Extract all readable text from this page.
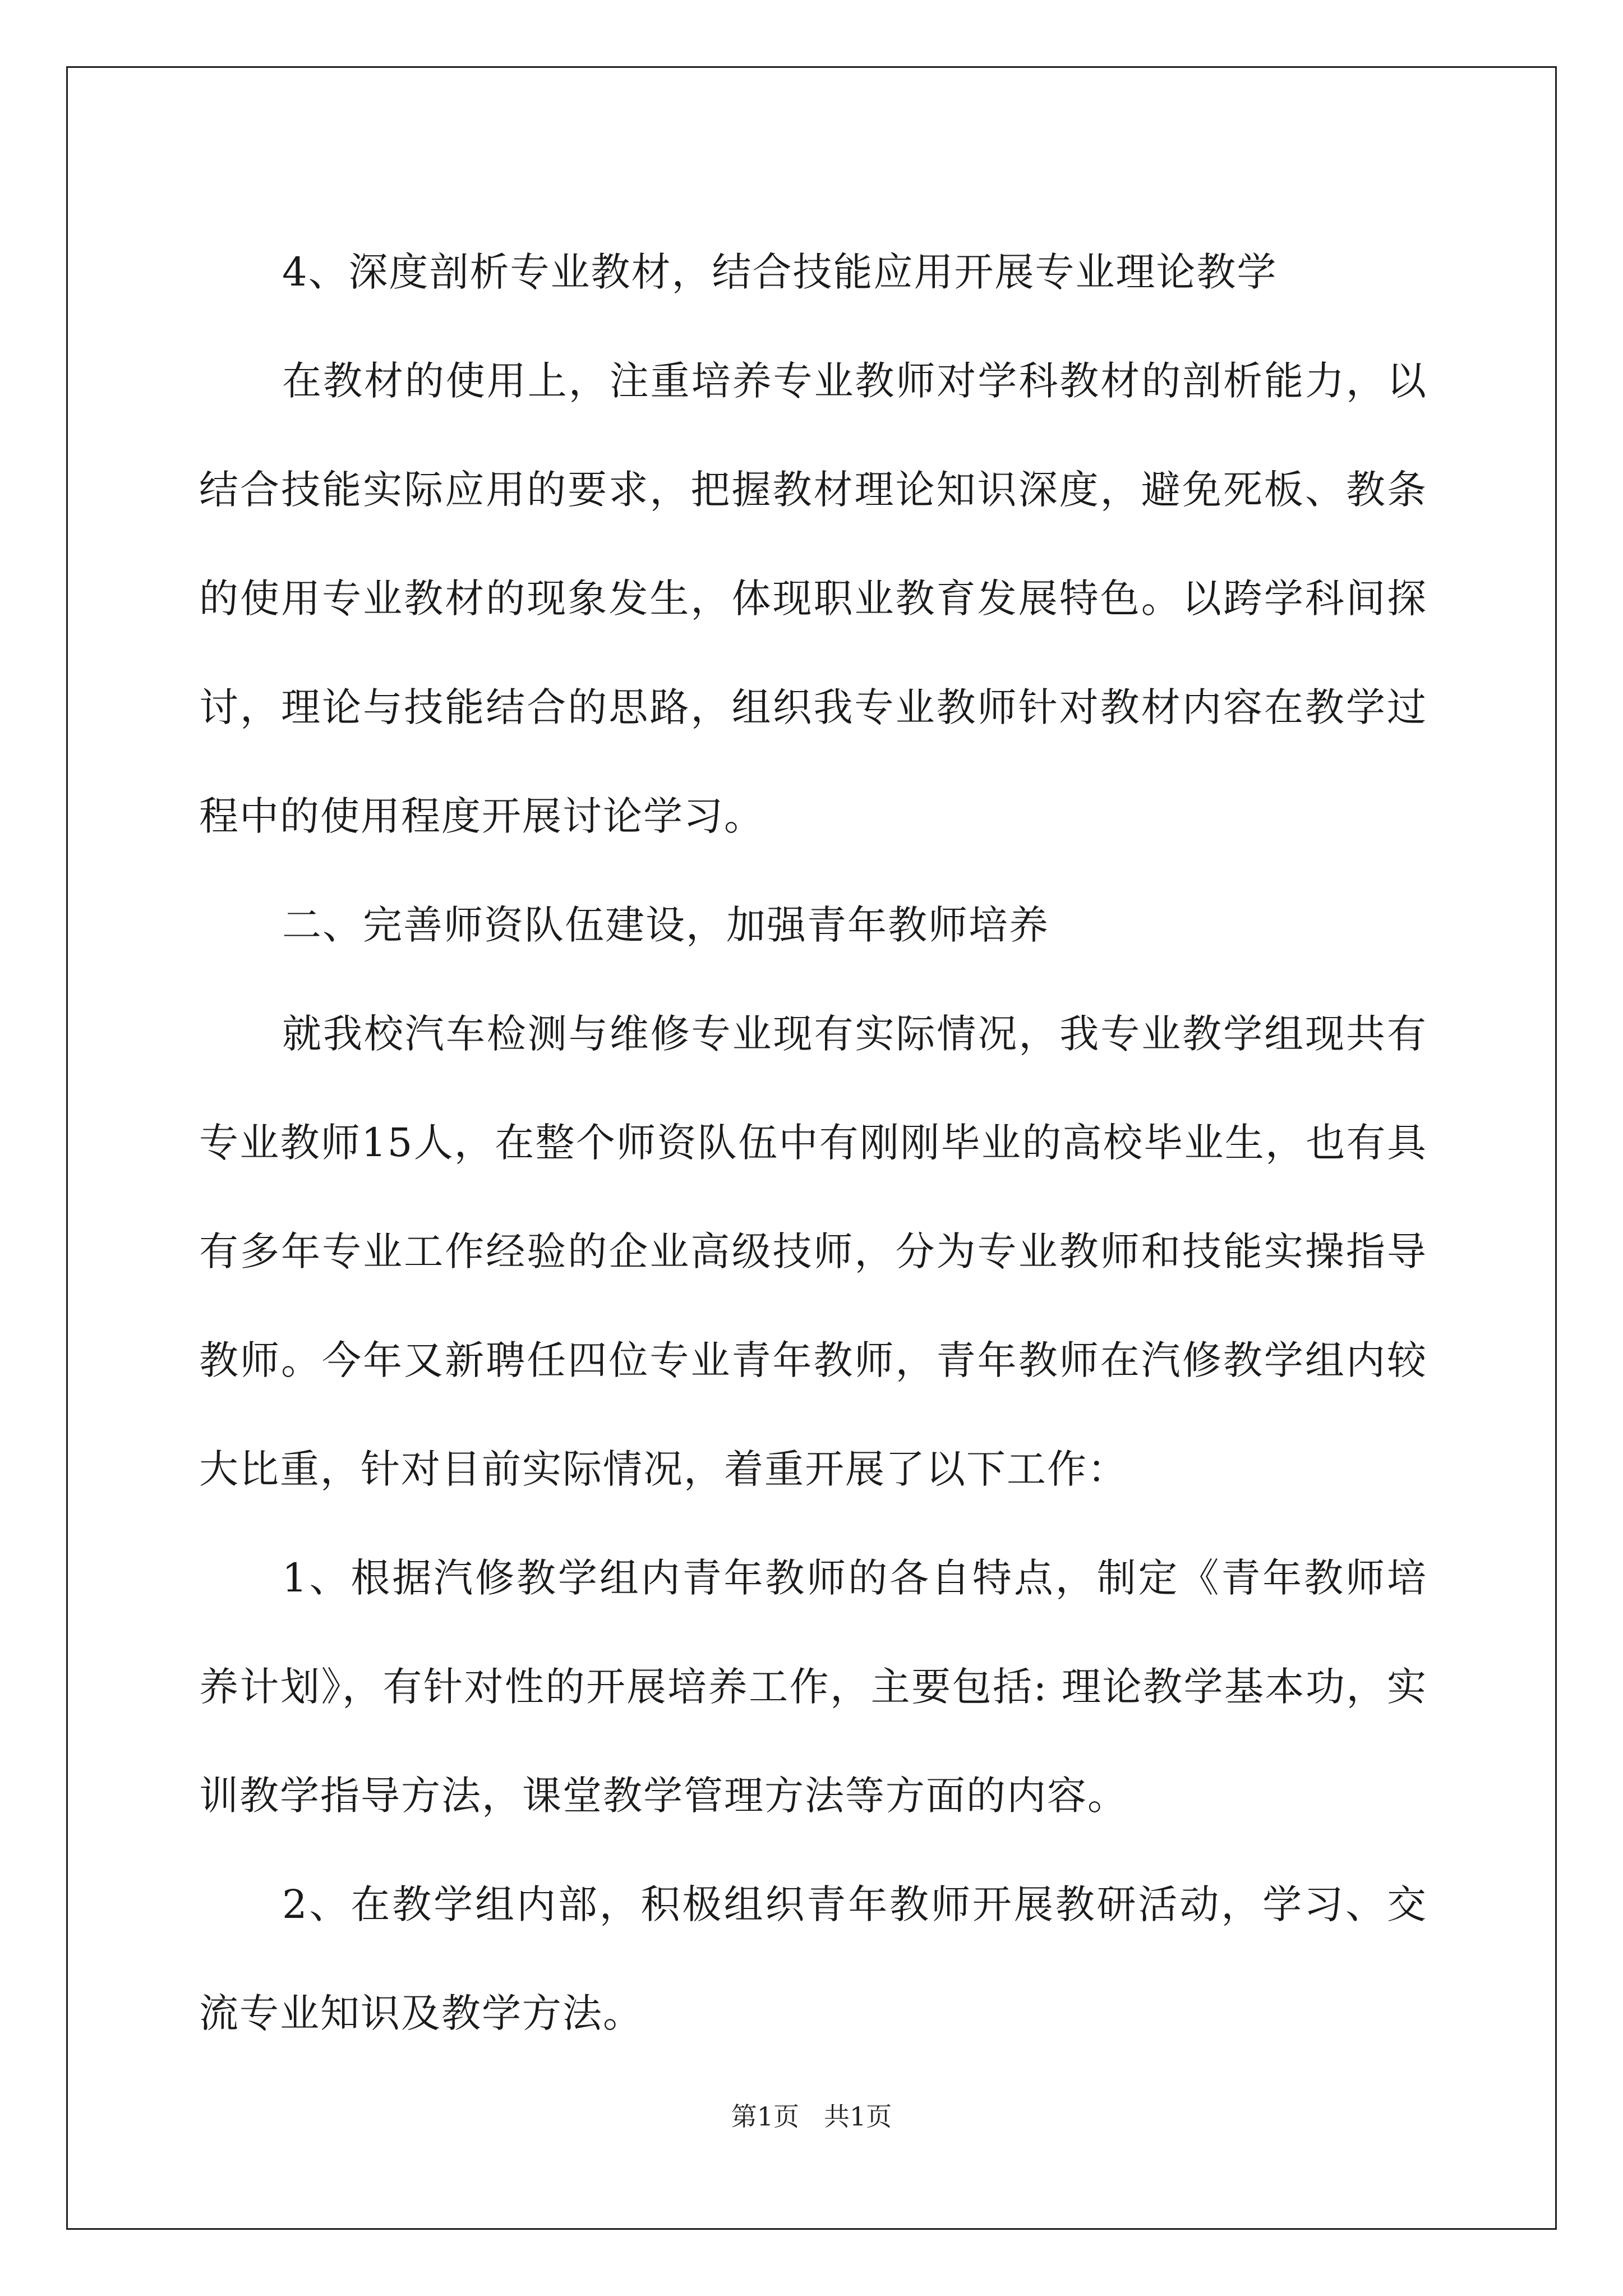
4、深度剖析专业教材，结合技能应用开展专业理论教学

在教材的使用上，注重培养专业教师对学科教材的剖析能力，以结合技能实际应用的要求，把握教材理论知识深度，避免死板、教条的使用专业教材的现象发生，体现职业教育发展特色。以跨学科间探讨，理论与技能结合的思路，组织我专业教师针对教材内容在教学过程中的使用程度开展讨论学习。

二、完善师资队伍建设，加强青年教师培养

就我校汽车检测与维修专业现有实际情况，我专业教学组现共有专业教师15人，在整个师资队伍中有刚刚毕业的高校毕业生，也有具有多年专业工作经验的企业高级技师，分为专业教师和技能实操指导教师。今年又新聘任四位专业青年教师，青年教师在汽修教学组内较大比重，针对目前实际情况，着重开展了以下工作：

1、根据汽修教学组内青年教师的各自特点，制定《青年教师培养计划》，有针对性的开展培养工作，主要包括: 理论教学基本功，实训教学指导方法，课堂教学管理方法等方面的内容。

2、在教学组内部，积极组织青年教师开展教研活动，学习、交流专业知识及教学方法。

第1页 共1页
